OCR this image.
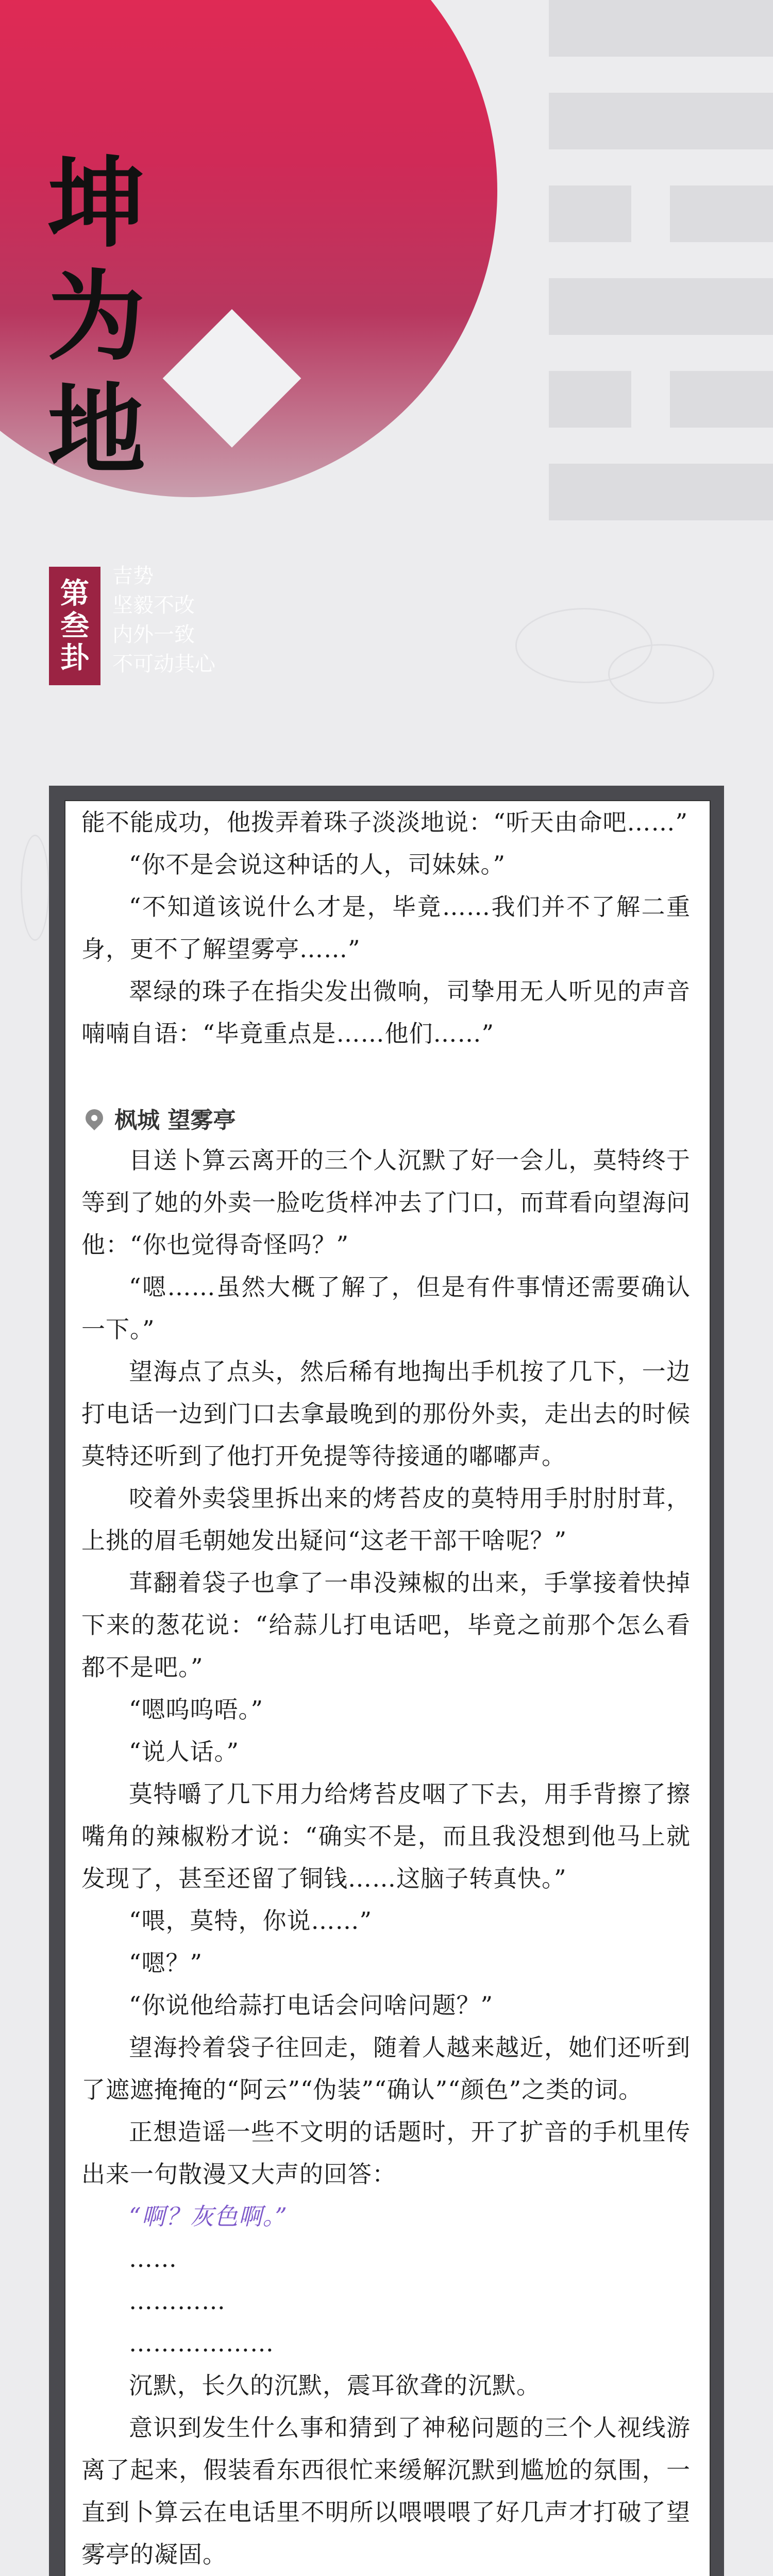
坤
为
地
第
叁
卦
吉势
坚毅不改
内外一致
不可动其心

能不能成功，他拨弄着珠子淡淡地说：“听天由命吧……”

“你不是会说这种话的人，司妹妹。”

“不知道该说什么才是，毕竟……我们并不了解二重身，更不了解望雾亭……”

翠绿的珠子在指尖发出微响，司挚用无人听见的声音喃喃自语：“毕竟重点是……他们……”

枫城 望雾亭

目送卜算云离开的三个人沉默了好一会儿，莫特终于等到了她的外卖一脸吃货样冲去了门口，而茸看向望海问他：“你也觉得奇怪吗？”

“嗯……虽然大概了解了，但是有件事情还需要确认一下。”

望海点了点头，然后稀有地掏出手机按了几下，一边打电话一边到门口去拿最晚到的那份外卖，走出去的时候莫特还听到了他打开免提等待接通的嘟嘟声。

咬着外卖袋里拆出来的烤苔皮的莫特用手肘肘肘茸，上挑的眉毛朝她发出疑问“这老干部干啥呢？”

茸翻着袋子也拿了一串没辣椒的出来，手掌接着快掉下来的葱花说：“给蒜儿打电话吧，毕竟之前那个怎么看都不是吧。”

“嗯呜呜唔。”

“说人话。”

莫特嚼了几下用力给烤苔皮咽了下去，用手背擦了擦嘴角的辣椒粉才说：“确实不是，而且我没想到他马上就发现了，甚至还留了铜钱……这脑子转真快。”

“喂，莫特，你说……”

“嗯？”

“你说他给蒜打电话会问啥问题？”

望海拎着袋子往回走，随着人越来越近，她们还听到了遮遮掩掩的“阿云”“伪装”“确认”“颜色”之类的词。

正想造谣一些不文明的话题时，开了扩音的手机里传出来一句散漫又大声的回答：

“啊？灰色啊。”

……

…………

………………

沉默，长久的沉默，震耳欲聋的沉默。

意识到发生什么事和猜到了神秘问题的三个人视线游离了起来，假装看东西很忙来缓解沉默到尴尬的氛围，一直到卜算云在电话里不明所以喂喂喂了好几声才打破了望雾亭的凝固。
